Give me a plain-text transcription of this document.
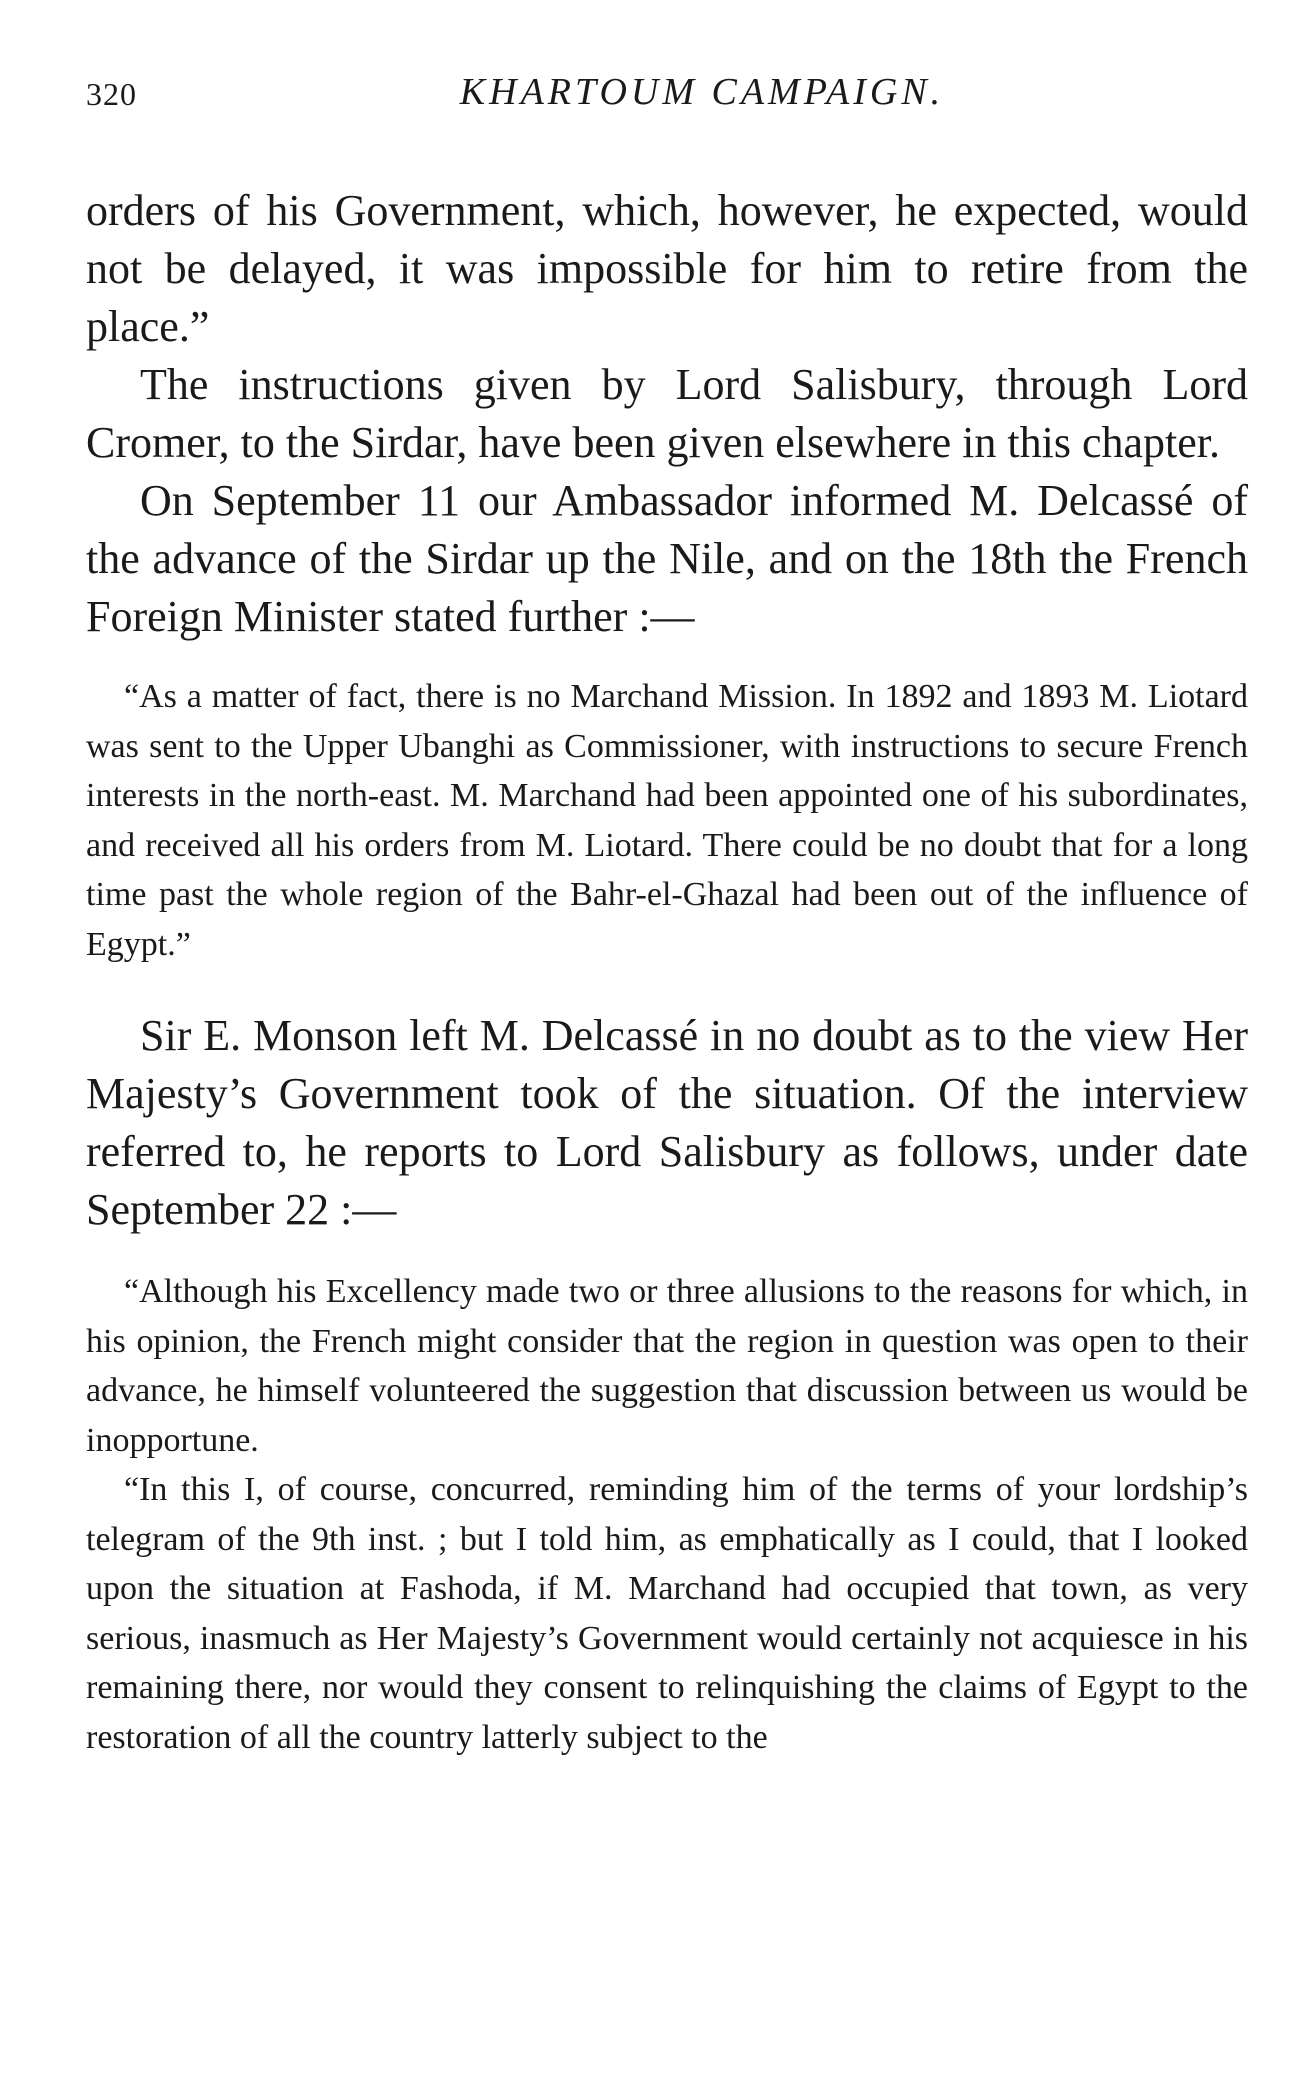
320	KHARTOUM CAMPAIGN.

orders of his Government, which, however, he expected, would not be delayed, it was impossible for him to retire from the place.”

The instructions given by Lord Salisbury, through Lord Cromer, to the Sirdar, have been given elsewhere in this chapter.

On September 11 our Ambassador informed M. Delcassé of the advance of the Sirdar up the Nile, and on the 18th the French Foreign Minister stated further :—

“As a matter of fact, there is no Marchand Mission. In 1892 and 1893 M. Liotard was sent to the Upper Ubanghi as Commissioner, with instructions to secure French interests in the north-east. M. Marchand had been appointed one of his subordinates, and received all his orders from M. Liotard. There could be no doubt that for a long time past the whole region of the Bahr-el-Ghazal had been out of the influence of Egypt.”

Sir E. Monson left M. Delcassé in no doubt as to the view Her Majesty’s Government took of the situation. Of the interview referred to, he reports to Lord Salisbury as follows, under date September 22 :—

“Although his Excellency made two or three allusions to the reasons for which, in his opinion, the French might consider that the region in question was open to their advance, he himself volunteered the suggestion that discussion between us would be inopportune.

“In this I, of course, concurred, reminding him of the terms of your lordship’s telegram of the 9th inst. ; but I told him, as emphatically as I could, that I looked upon the situation at Fashoda, if M. Marchand had occupied that town, as very serious, inasmuch as Her Majesty’s Government would certainly not acquiesce in his remaining there, nor would they consent to relinquishing the claims of Egypt to the restoration of all the country latterly subject to the
